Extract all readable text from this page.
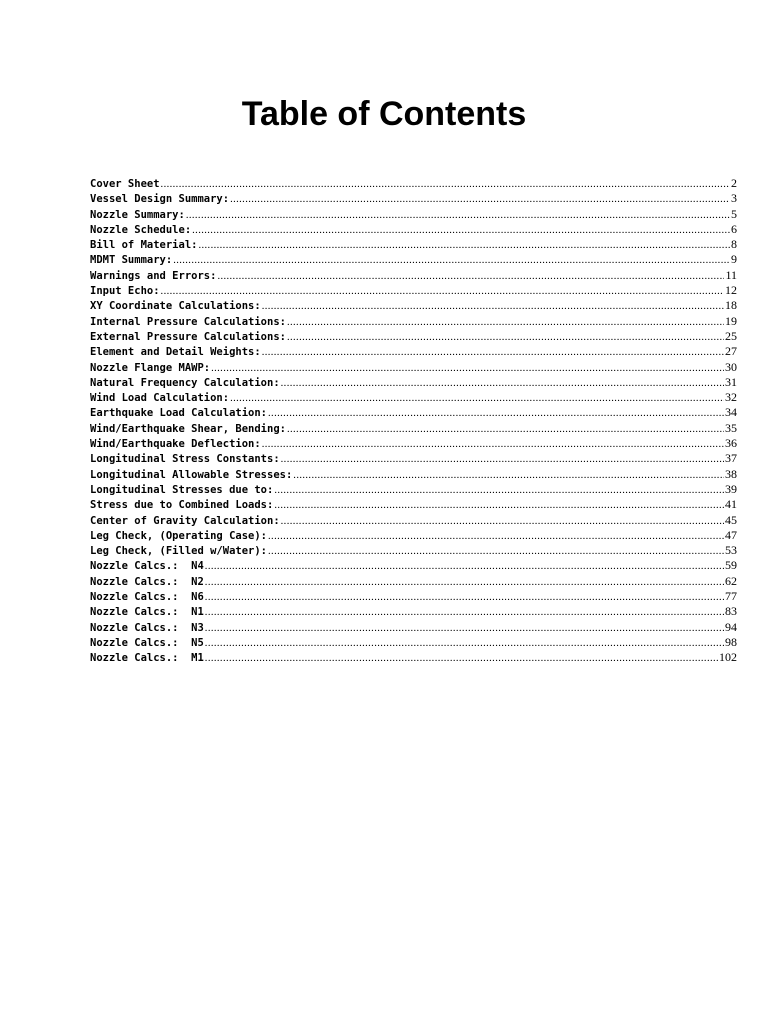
Table of Contents
Cover Sheet .....	2
Vessel Design Summary: .....	3
Nozzle Summary: .....	5
Nozzle Schedule: .....	6
Bill of Material: .....	8
MDMT Summary: .....	9
Warnings and Errors: .....	11
Input Echo: .....	12
XY Coordinate Calculations: .....	18
Internal Pressure Calculations: .....	19
External Pressure Calculations: .....	25
Element and Detail Weights: .....	27
Nozzle Flange MAWP: .....	30
Natural Frequency Calculation: .....	31
Wind Load Calculation: .....	32
Earthquake Load Calculation: .....	34
Wind/Earthquake Shear, Bending: .....	35
Wind/Earthquake Deflection: .....	36
Longitudinal Stress Constants: .....	37
Longitudinal Allowable Stresses: .....	38
Longitudinal Stresses due to: .....	39
Stress due to Combined Loads: .....	41
Center of Gravity Calculation: .....	45
Leg Check, (Operating Case): .....	47
Leg Check, (Filled w/Water): .....	53
Nozzle Calcs.:  N4 .....	59
Nozzle Calcs.:  N2 .....	62
Nozzle Calcs.:  N6 .....	77
Nozzle Calcs.:  N1 .....	83
Nozzle Calcs.:  N3 .....	94
Nozzle Calcs.:  N5 .....	98
Nozzle Calcs.:  M1 .....	102
